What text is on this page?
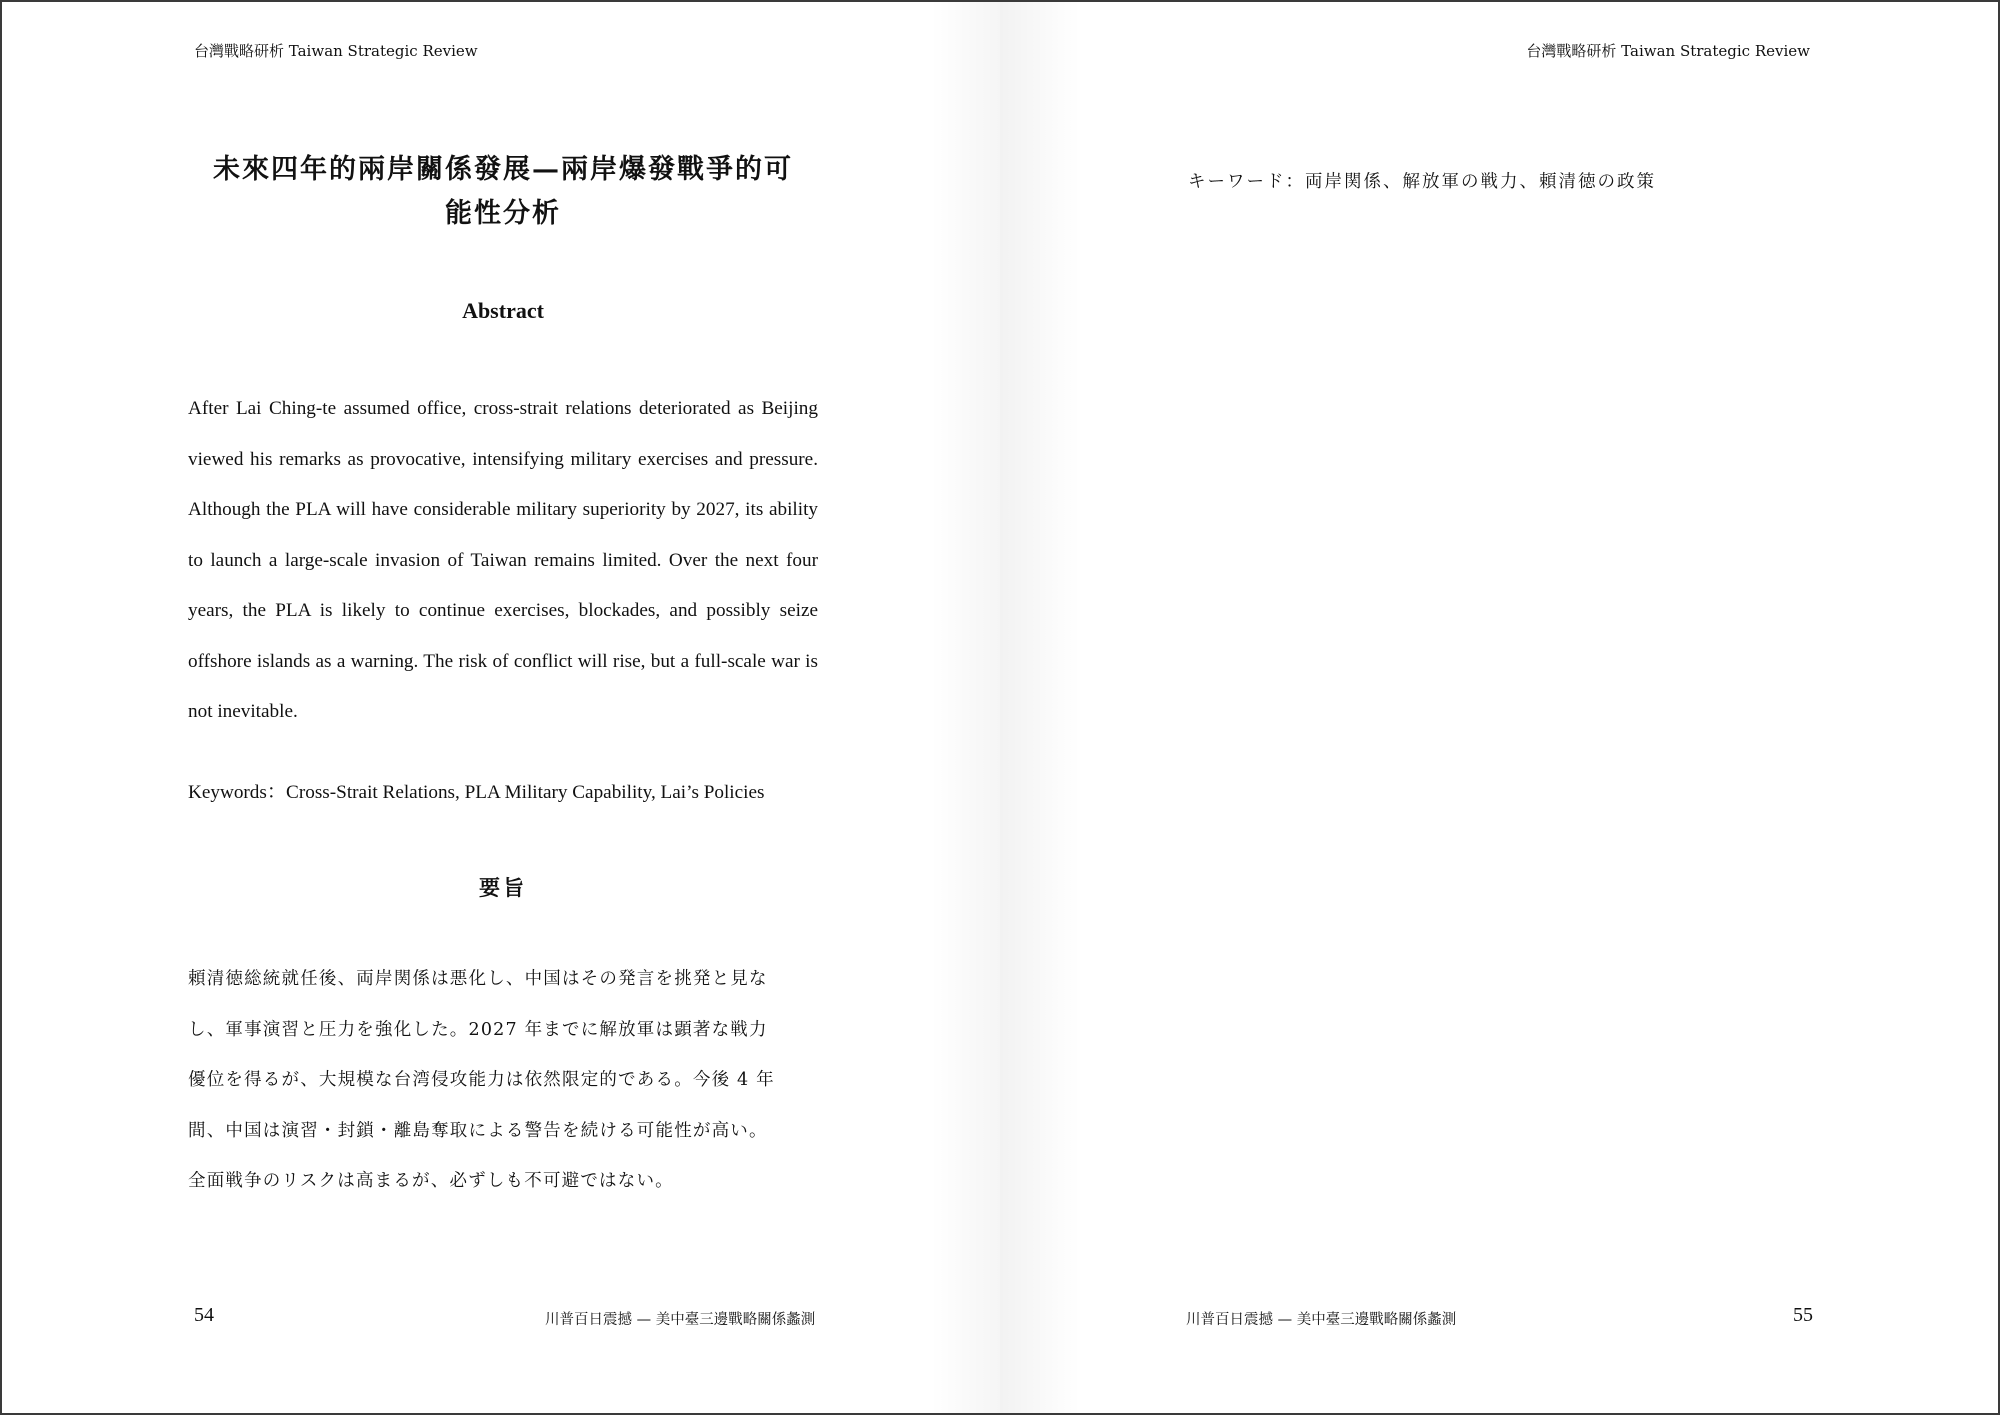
台灣戰略研析 Taiwan Strategic Review
未來四年的兩岸關係發展—兩岸爆發戰爭的可
能性分析
Abstract
After Lai Ching-te assumed office, cross-strait relations deteriorated as Beijing viewed his remarks as provocative, intensifying military exercises and pressure. Although the PLA will have considerable military superiority by 2027, its ability to launch a large-scale invasion of Taiwan remains limited. Over the next four years, the PLA is likely to continue exercises, blockades, and possibly seize offshore islands as a warning. The risk of conflict will rise, but a full-scale war is not inevitable.
Keywords：Cross-Strait Relations, PLA Military Capability, Lai’s Policies
要旨
頼清徳総統就任後、両岸関係は悪化し、中国はその発言を挑発と見な
し、軍事演習と圧力を強化した。2027 年までに解放軍は顕著な戦力
優位を得るが、大規模な台湾侵攻能力は依然限定的である。今後 4 年
間、中国は演習・封鎖・離島奪取による警告を続ける可能性が高い。
全面戦争のリスクは高まるが、必ずしも不可避ではない。
54	川普百日震撼 — 美中臺三邊戰略關係蠡測
台灣戰略研析 Taiwan Strategic Review
キーワード：両岸関係、解放軍の戦力、頼清徳の政策
川普百日震撼 — 美中臺三邊戰略關係蠡測	55
